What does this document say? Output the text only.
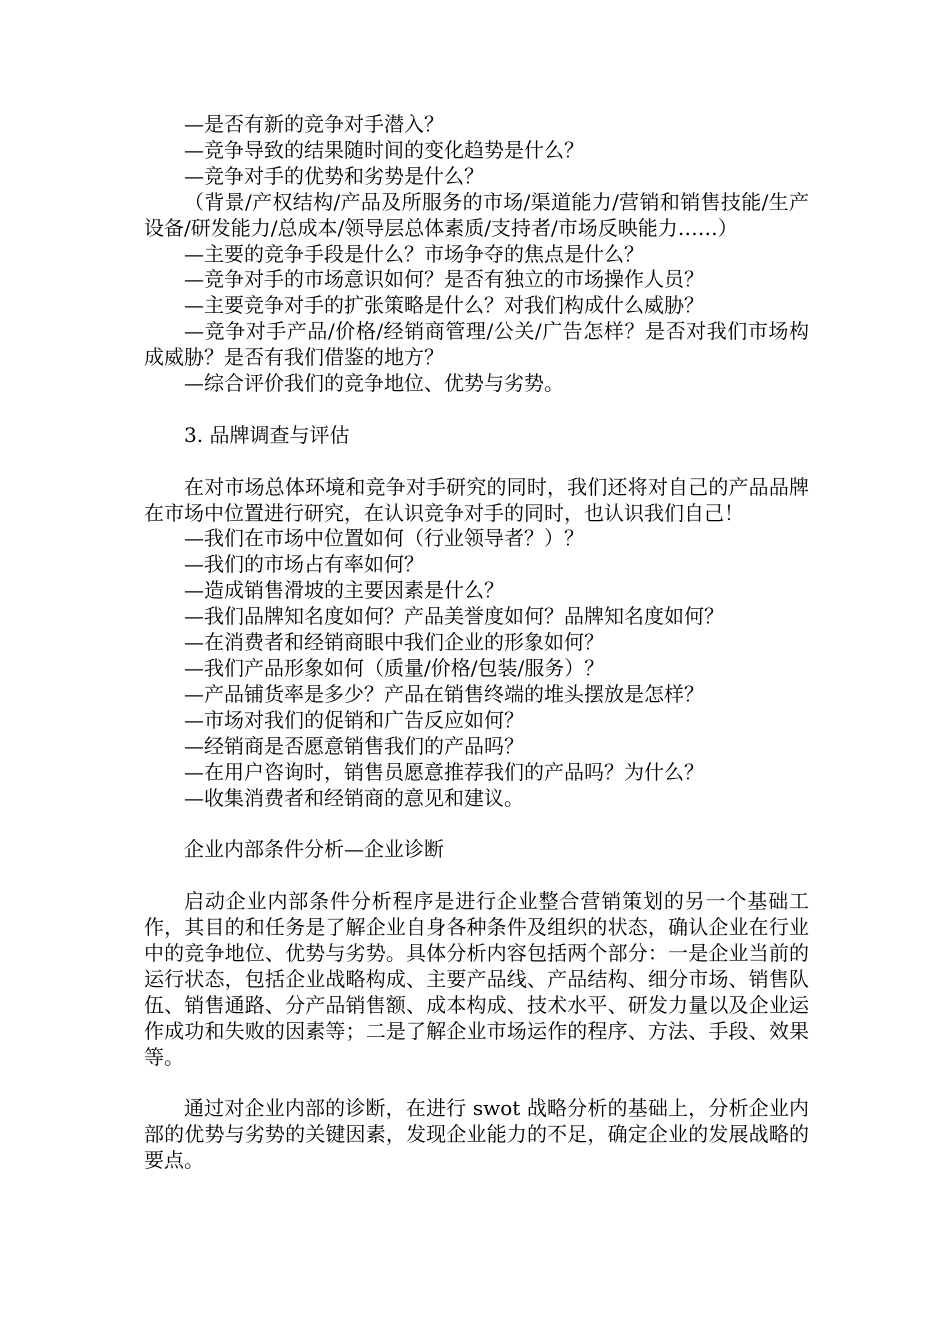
—是否有新的竞争对手潜入？

—竞争导致的结果随时间的变化趋势是什么？

—竞争对手的优势和劣势是什么？

（背景/产权结构/产品及所服务的市场/渠道能力/营销和销售技能/生产设备/研发能力/总成本/领导层总体素质/支持者/市场反映能力……）

—主要的竞争手段是什么？市场争夺的焦点是什么？

—竞争对手的市场意识如何？是否有独立的市场操作人员？

—主要竞争对手的扩张策略是什么？对我们构成什么威胁？

—竞争对手产品/价格/经销商管理/公关/广告怎样？是否对我们市场构成威胁？是否有我们借鉴的地方？

—综合评价我们的竞争地位、优势与劣势。

3. 品牌调查与评估

在对市场总体环境和竞争对手研究的同时，我们还将对自己的产品品牌在市场中位置进行研究，在认识竞争对手的同时，也认识我们自己！

—我们在市场中位置如何（行业领导者？）？

—我们的市场占有率如何？

—造成销售滑坡的主要因素是什么？

—我们品牌知名度如何？产品美誉度如何？品牌知名度如何？

—在消费者和经销商眼中我们企业的形象如何？

—我们产品形象如何（质量/价格/包装/服务）？

—产品铺货率是多少？产品在销售终端的堆头摆放是怎样？

—市场对我们的促销和广告反应如何？

—经销商是否愿意销售我们的产品吗？

—在用户咨询时，销售员愿意推荐我们的产品吗？为什么？

—收集消费者和经销商的意见和建议。

企业内部条件分析—企业诊断

启动企业内部条件分析程序是进行企业整合营销策划的另一个基础工作，其目的和任务是了解企业自身各种条件及组织的状态，确认企业在行业中的竞争地位、优势与劣势。具体分析内容包括两个部分：一是企业当前的运行状态，包括企业战略构成、主要产品线、产品结构、细分市场、销售队伍、销售通路、分产品销售额、成本构成、技术水平、研发力量以及企业运作成功和失败的因素等；二是了解企业市场运作的程序、方法、手段、效果等。

通过对企业内部的诊断，在进行 swot 战略分析的基础上，分析企业内部的优势与劣势的关键因素，发现企业能力的不足，确定企业的发展战略的要点。
